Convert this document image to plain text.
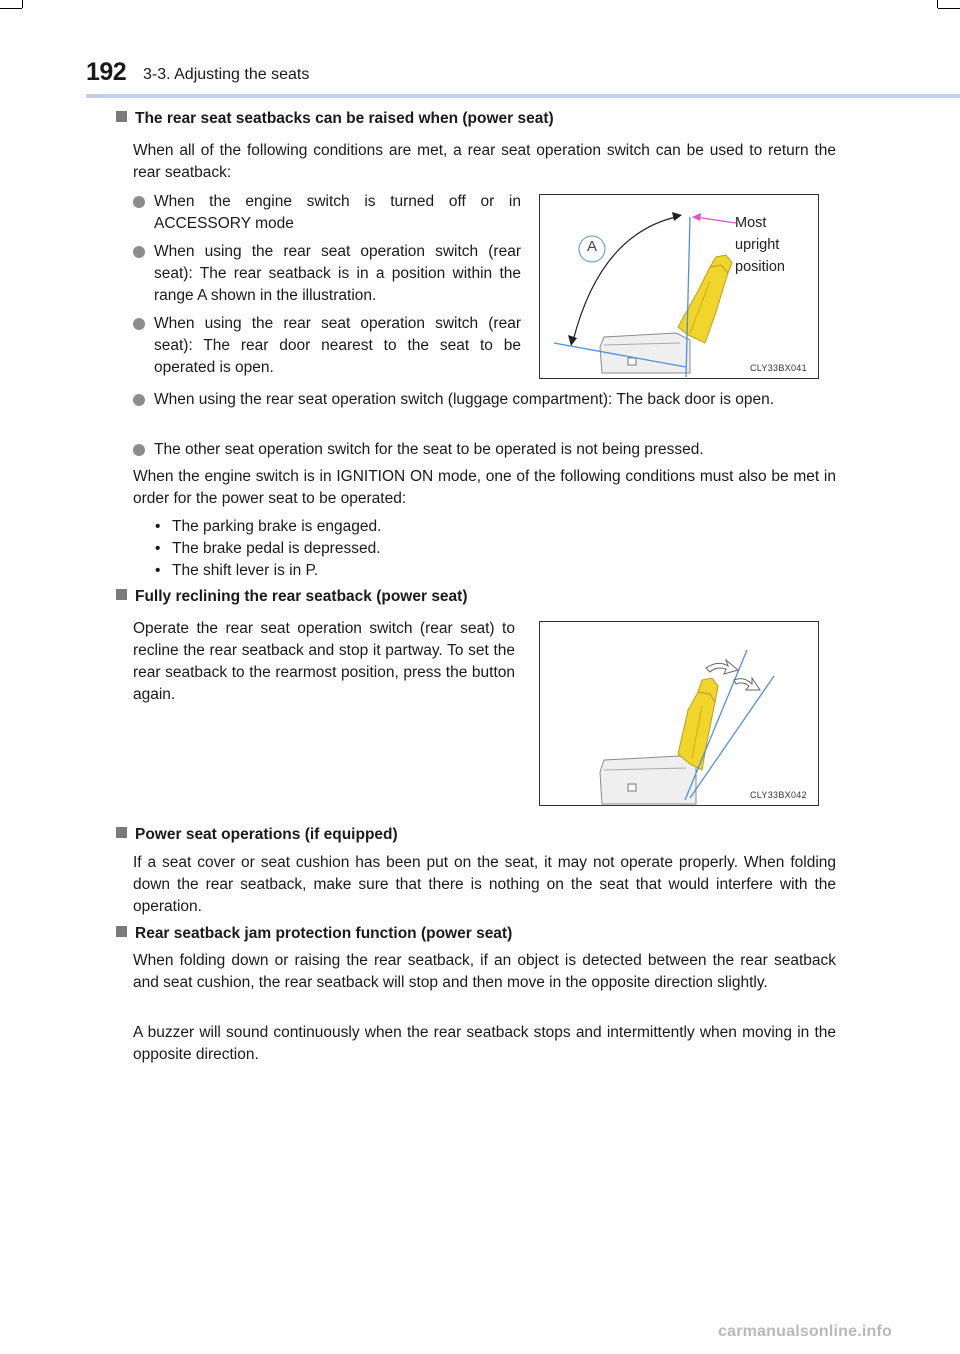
192 3-3. Adjusting the seats
The rear seat seatbacks can be raised when (power seat)
When all of the following conditions are met, a rear seat operation switch can be used to return the rear seatback:
When the engine switch is turned off or in ACCESSORY mode
When using the rear seat operation switch (rear seat): The rear seatback is in a position within the range A shown in the illustration.
When using the rear seat operation switch (rear seat): The rear door nearest to the seat to be operated is open.
A
Most
upright
position
CLY33BX041
When using the rear seat operation switch (luggage compartment): The back door is open.
The other seat operation switch for the seat to be operated is not being pressed.
When the engine switch is in IGNITION ON mode, one of the following conditions must also be met in order for the power seat to be operated:
• The parking brake is engaged.
• The brake pedal is depressed.
• The shift lever is in P.
Fully reclining the rear seatback (power seat)
Operate the rear seat operation switch (rear seat) to recline the rear seatback and stop it partway. To set the rear seatback to the rearmost position, press the button again.
CLY33BX042
Power seat operations (if equipped)
If a seat cover or seat cushion has been put on the seat, it may not operate properly. When folding down the rear seatback, make sure that there is nothing on the seat that would interfere with the operation.
Rear seatback jam protection function (power seat)
When folding down or raising the rear seatback, if an object is detected between the rear seatback and seat cushion, the rear seatback will stop and then move in the opposite direction slightly.
A buzzer will sound continuously when the rear seatback stops and intermittently when moving in the opposite direction.
carmanualsonline.info
